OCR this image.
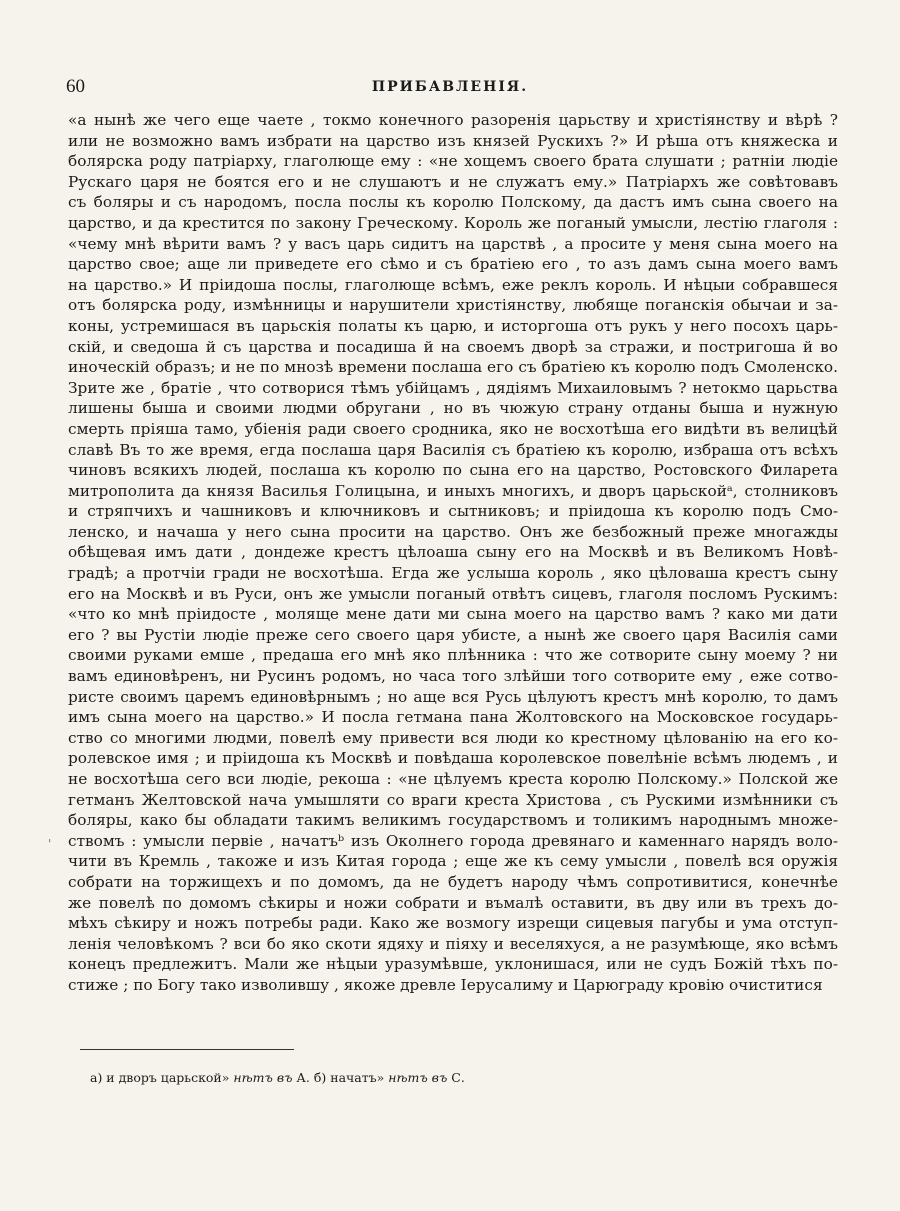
60	ПРИБАВЛЕНІЯ.
«а нынѣ же чего еще чаете , токмо конечного разоренія царьству и христіянству и вѣрѣ ?
или не возможно вамъ избрати на царство изъ князей Рускихъ ?» И рѣша отъ княжеска и
болярска роду патріарху, глаголюще ему : «не хощемъ своего брата слушати ; ратніи людіе
Рускаго царя не боятся его и не слушаютъ и не служатъ ему.» Патріархъ же совѣтовавъ
съ боляры и съ народомъ, посла послы къ королю Полскому, да дастъ имъ сына своего на
царство, и да крестится по закону Греческому. Король же поганый умысли, лестію глаголя :
«чему мнѣ вѣрити вамъ ? у васъ царь сидитъ на царствѣ , а просите у меня сына моего на
царство свое; аще ли приведете его сѣмо и съ братіею его , то азъ дамъ сына моего вамъ
на царство.» И пріидоша послы, глаголюще всѣмъ, еже реклъ король. И нѣцыи собравшеся
отъ болярска роду, измѣнницы и нарушители христіянству, любяще поганскія обычаи и за-
коны, устремишася въ царьскія полаты къ царю, и исторгоша отъ рукъ у него посохъ царь-
скій, и сведоша й съ царства и посадиша й на своемъ дворѣ за стражи, и постригоша й во
иноческій образъ; и не по мнозѣ времени послаша его съ братіею къ королю подъ Смоленско.
Зрите же , братіе , что сотворися тѣмъ убійцамъ , дядіямъ Михаиловымъ ? нетокмо царьства
лишены быша и своими людми обругани , но въ чюжую страну отданы быша и нужную
смерть пріяша тамо, убіенія ради своего сродника, яко не восхотѣша его видѣти въ велицѣй
славѣ Въ то же время, егда послаша царя Василія съ братіею къ королю, избраша отъ всѣхъ
чиновъ всякихъ людей, послаша къ королю по сына его на царство, Ростовского Филарета
митрополита да князя Василья Голицына, и иныхъ многихъ, и дворъ царьскойᵃ, столниковъ
и стряпчихъ и чашниковъ и ключниковъ и сытниковъ; и пріидоша къ королю подъ Смо-
ленско, и начаша у него сына просити на царство. Онъ же безбожный преже многажды
обѣщевая имъ дати , дондеже крестъ цѣлоаша сыну его на Москвѣ и въ Великомъ Новѣ-
градѣ; а протчіи гради не восхотѣша. Егда же услыша король , яко цѣловаша крестъ сыну
его на Москвѣ и въ Руси, онъ же умысли поганый отвѣтъ сицевъ, глаголя посломъ Рускимъ:
«что ко мнѣ пріидосте , моляще мене дати ми сына моего на царство вамъ ? како ми дати
его ? вы Рустіи людіе преже сего своего царя убисте, а нынѣ же своего царя Василія сами
своими руками емше , предаша его мнѣ яко плѣнника : что же сотворите сыну моему ? ни
вамъ единовѣренъ, ни Русинъ родомъ, но часа того злѣйши того сотворите ему , еже сотво-
ристе своимъ царемъ единовѣрнымъ ; но аще вся Русь цѣлуютъ крестъ мнѣ королю, то дамъ
имъ сына моего на царство.» И посла гетмана пана Жолтовского на Московское государь-
ство со многими людми, повелѣ ему привести вся люди ко крестному цѣлованію на его ко-
ролевское имя ; и пріидоша къ Москвѣ и повѣдаша королевское повелѣніе всѣмъ людемъ , и
не восхотѣша сего вси людіе, рекоша : «не цѣлуемъ креста королю Полскому.» Полской же
гетманъ Желтовской нача умышляти со враги креста Христова , съ Рускими измѣнники съ
боляры, како бы обладати такимъ великимъ государствомъ и толикимъ народнымъ множе-
ствомъ : умысли первіе , начатъᵇ изъ Околнего города древянаго и каменнаго нарядъ воло-
чити въ Кремль , такоже и изъ Китая города ; еще же къ сему умысли , повелѣ вся оружія
собрати на торжищехъ и по домомъ, да не будетъ народу чѣмъ сопротивитися, конечнѣе
же повелѣ по домомъ сѣкиры и ножи собрати и въмалѣ оставити, въ дву или въ трехъ до-
мѣхъ сѣкиру и ножъ потребы ради. Како же возмогу изрещи сицевыя пагубы и ума отступ-
ленія человѣкомъ ? вси бо яко скоти ядяху и піяху и веселяхуся, а не разумѣюще, яко всѣмъ
конецъ предлежитъ. Мали же нѣцыи уразумѣвше, уклонишася, или не судъ Божій тѣхъ по-
стиже ; по Богу тако изволившу , якоже древле Іерусалиму и Царюграду кровію очиститися
'
а) и дворъ царьской» нѣтъ въ А. б) начатъ» нѣтъ въ С.
